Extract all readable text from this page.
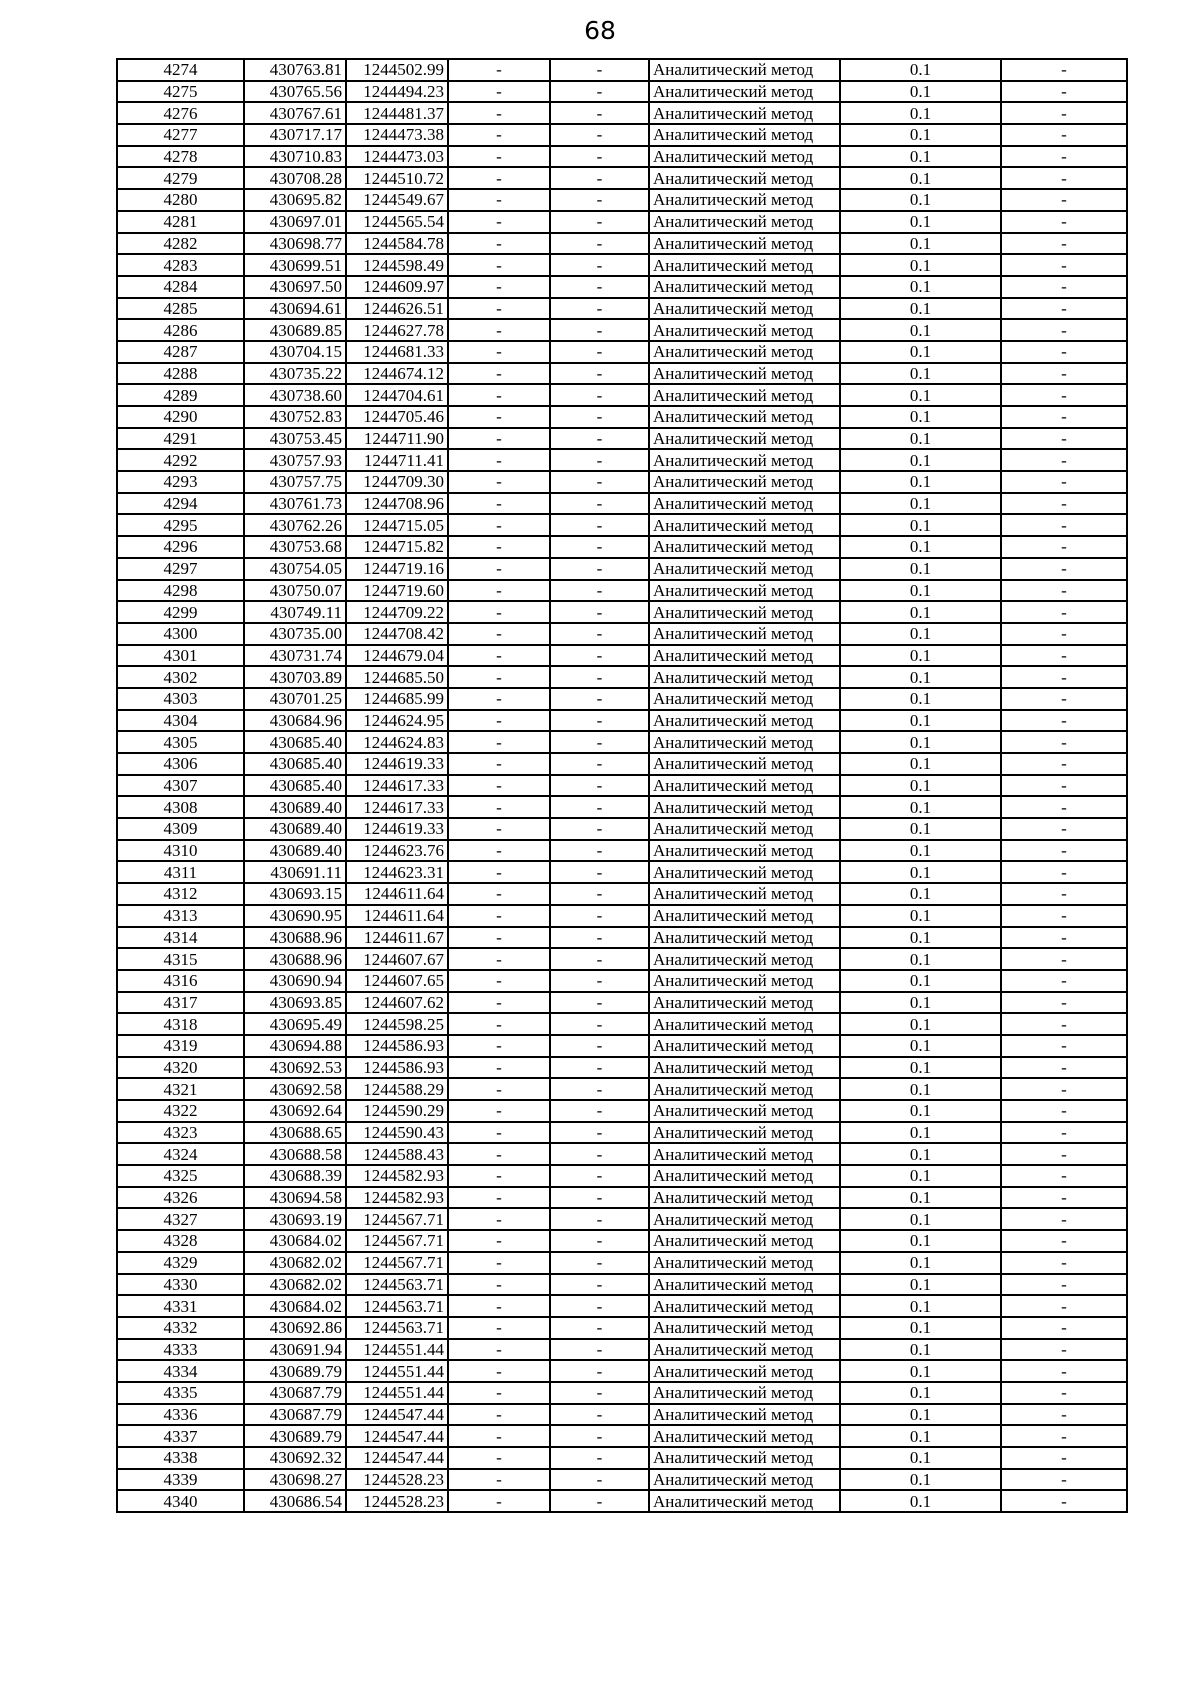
68
4274	430763.81	1244502.99	-	-	Аналитический метод	0.1	-
4275	430765.56	1244494.23	-	-	Аналитический метод	0.1	-
4276	430767.61	1244481.37	-	-	Аналитический метод	0.1	-
4277	430717.17	1244473.38	-	-	Аналитический метод	0.1	-
4278	430710.83	1244473.03	-	-	Аналитический метод	0.1	-
4279	430708.28	1244510.72	-	-	Аналитический метод	0.1	-
4280	430695.82	1244549.67	-	-	Аналитический метод	0.1	-
4281	430697.01	1244565.54	-	-	Аналитический метод	0.1	-
4282	430698.77	1244584.78	-	-	Аналитический метод	0.1	-
4283	430699.51	1244598.49	-	-	Аналитический метод	0.1	-
4284	430697.50	1244609.97	-	-	Аналитический метод	0.1	-
4285	430694.61	1244626.51	-	-	Аналитический метод	0.1	-
4286	430689.85	1244627.78	-	-	Аналитический метод	0.1	-
4287	430704.15	1244681.33	-	-	Аналитический метод	0.1	-
4288	430735.22	1244674.12	-	-	Аналитический метод	0.1	-
4289	430738.60	1244704.61	-	-	Аналитический метод	0.1	-
4290	430752.83	1244705.46	-	-	Аналитический метод	0.1	-
4291	430753.45	1244711.90	-	-	Аналитический метод	0.1	-
4292	430757.93	1244711.41	-	-	Аналитический метод	0.1	-
4293	430757.75	1244709.30	-	-	Аналитический метод	0.1	-
4294	430761.73	1244708.96	-	-	Аналитический метод	0.1	-
4295	430762.26	1244715.05	-	-	Аналитический метод	0.1	-
4296	430753.68	1244715.82	-	-	Аналитический метод	0.1	-
4297	430754.05	1244719.16	-	-	Аналитический метод	0.1	-
4298	430750.07	1244719.60	-	-	Аналитический метод	0.1	-
4299	430749.11	1244709.22	-	-	Аналитический метод	0.1	-
4300	430735.00	1244708.42	-	-	Аналитический метод	0.1	-
4301	430731.74	1244679.04	-	-	Аналитический метод	0.1	-
4302	430703.89	1244685.50	-	-	Аналитический метод	0.1	-
4303	430701.25	1244685.99	-	-	Аналитический метод	0.1	-
4304	430684.96	1244624.95	-	-	Аналитический метод	0.1	-
4305	430685.40	1244624.83	-	-	Аналитический метод	0.1	-
4306	430685.40	1244619.33	-	-	Аналитический метод	0.1	-
4307	430685.40	1244617.33	-	-	Аналитический метод	0.1	-
4308	430689.40	1244617.33	-	-	Аналитический метод	0.1	-
4309	430689.40	1244619.33	-	-	Аналитический метод	0.1	-
4310	430689.40	1244623.76	-	-	Аналитический метод	0.1	-
4311	430691.11	1244623.31	-	-	Аналитический метод	0.1	-
4312	430693.15	1244611.64	-	-	Аналитический метод	0.1	-
4313	430690.95	1244611.64	-	-	Аналитический метод	0.1	-
4314	430688.96	1244611.67	-	-	Аналитический метод	0.1	-
4315	430688.96	1244607.67	-	-	Аналитический метод	0.1	-
4316	430690.94	1244607.65	-	-	Аналитический метод	0.1	-
4317	430693.85	1244607.62	-	-	Аналитический метод	0.1	-
4318	430695.49	1244598.25	-	-	Аналитический метод	0.1	-
4319	430694.88	1244586.93	-	-	Аналитический метод	0.1	-
4320	430692.53	1244586.93	-	-	Аналитический метод	0.1	-
4321	430692.58	1244588.29	-	-	Аналитический метод	0.1	-
4322	430692.64	1244590.29	-	-	Аналитический метод	0.1	-
4323	430688.65	1244590.43	-	-	Аналитический метод	0.1	-
4324	430688.58	1244588.43	-	-	Аналитический метод	0.1	-
4325	430688.39	1244582.93	-	-	Аналитический метод	0.1	-
4326	430694.58	1244582.93	-	-	Аналитический метод	0.1	-
4327	430693.19	1244567.71	-	-	Аналитический метод	0.1	-
4328	430684.02	1244567.71	-	-	Аналитический метод	0.1	-
4329	430682.02	1244567.71	-	-	Аналитический метод	0.1	-
4330	430682.02	1244563.71	-	-	Аналитический метод	0.1	-
4331	430684.02	1244563.71	-	-	Аналитический метод	0.1	-
4332	430692.86	1244563.71	-	-	Аналитический метод	0.1	-
4333	430691.94	1244551.44	-	-	Аналитический метод	0.1	-
4334	430689.79	1244551.44	-	-	Аналитический метод	0.1	-
4335	430687.79	1244551.44	-	-	Аналитический метод	0.1	-
4336	430687.79	1244547.44	-	-	Аналитический метод	0.1	-
4337	430689.79	1244547.44	-	-	Аналитический метод	0.1	-
4338	430692.32	1244547.44	-	-	Аналитический метод	0.1	-
4339	430698.27	1244528.23	-	-	Аналитический метод	0.1	-
4340	430686.54	1244528.23	-	-	Аналитический метод	0.1	-
